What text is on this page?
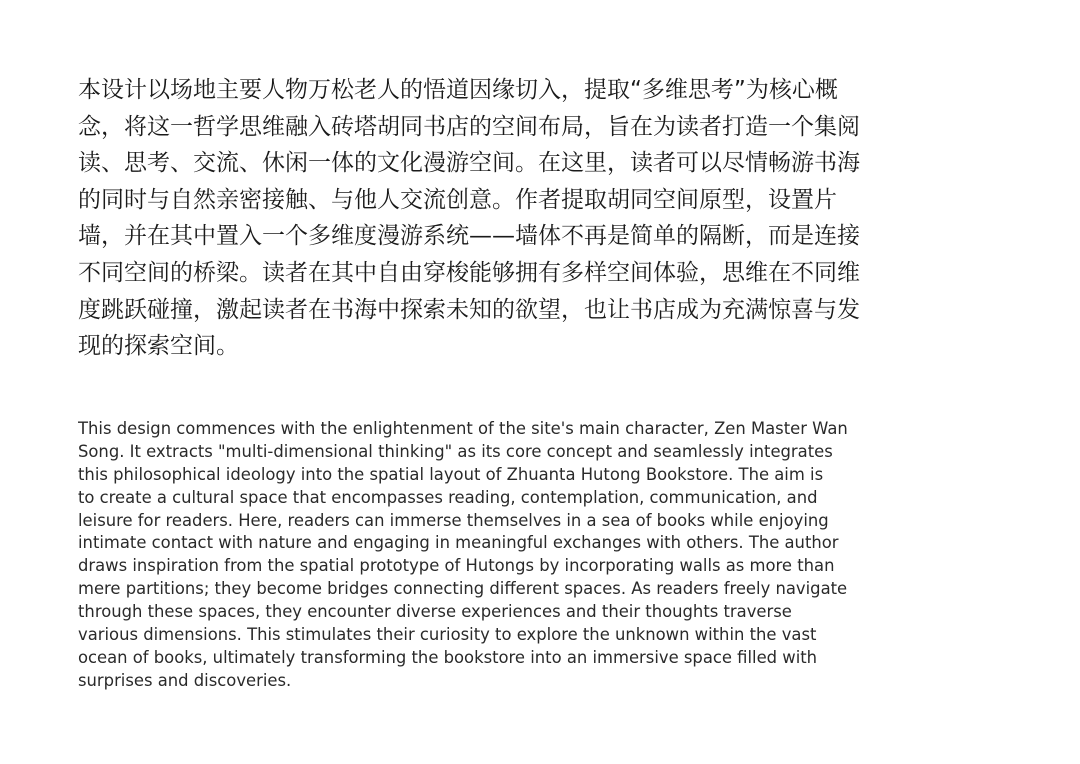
本设计以场地主要人物万松老人的悟道因缘切入，提取“多维思考”为核心概
念，将这一哲学思维融入砖塔胡同书店的空间布局，旨在为读者打造一个集阅
读、思考、交流、休闲一体的文化漫游空间。在这里，读者可以尽情畅游书海
的同时与自然亲密接触、与他人交流创意。作者提取胡同空间原型，设置片
墙，并在其中置入一个多维度漫游系统——墙体不再是简单的隔断，而是连接
不同空间的桥梁。读者在其中自由穿梭能够拥有多样空间体验，思维在不同维
度跳跃碰撞，激起读者在书海中探索未知的欲望，也让书店成为充满惊喜与发
现的探索空间。
This design commences with the enlightenment of the site's main character, Zen Master Wan
Song. It extracts "multi-dimensional thinking" as its core concept and seamlessly integrates
this philosophical ideology into the spatial layout of Zhuanta Hutong Bookstore. The aim is
to create a cultural space that encompasses reading, contemplation, communication, and
leisure for readers. Here, readers can immerse themselves in a sea of books while enjoying
intimate contact with nature and engaging in meaningful exchanges with others. The author
draws inspiration from the spatial prototype of Hutongs by incorporating walls as more than
mere partitions; they become bridges connecting different spaces. As readers freely navigate
through these spaces, they encounter diverse experiences and their thoughts traverse
various dimensions. This stimulates their curiosity to explore the unknown within the vast
ocean of books, ultimately transforming the bookstore into an immersive space filled with
surprises and discoveries.
